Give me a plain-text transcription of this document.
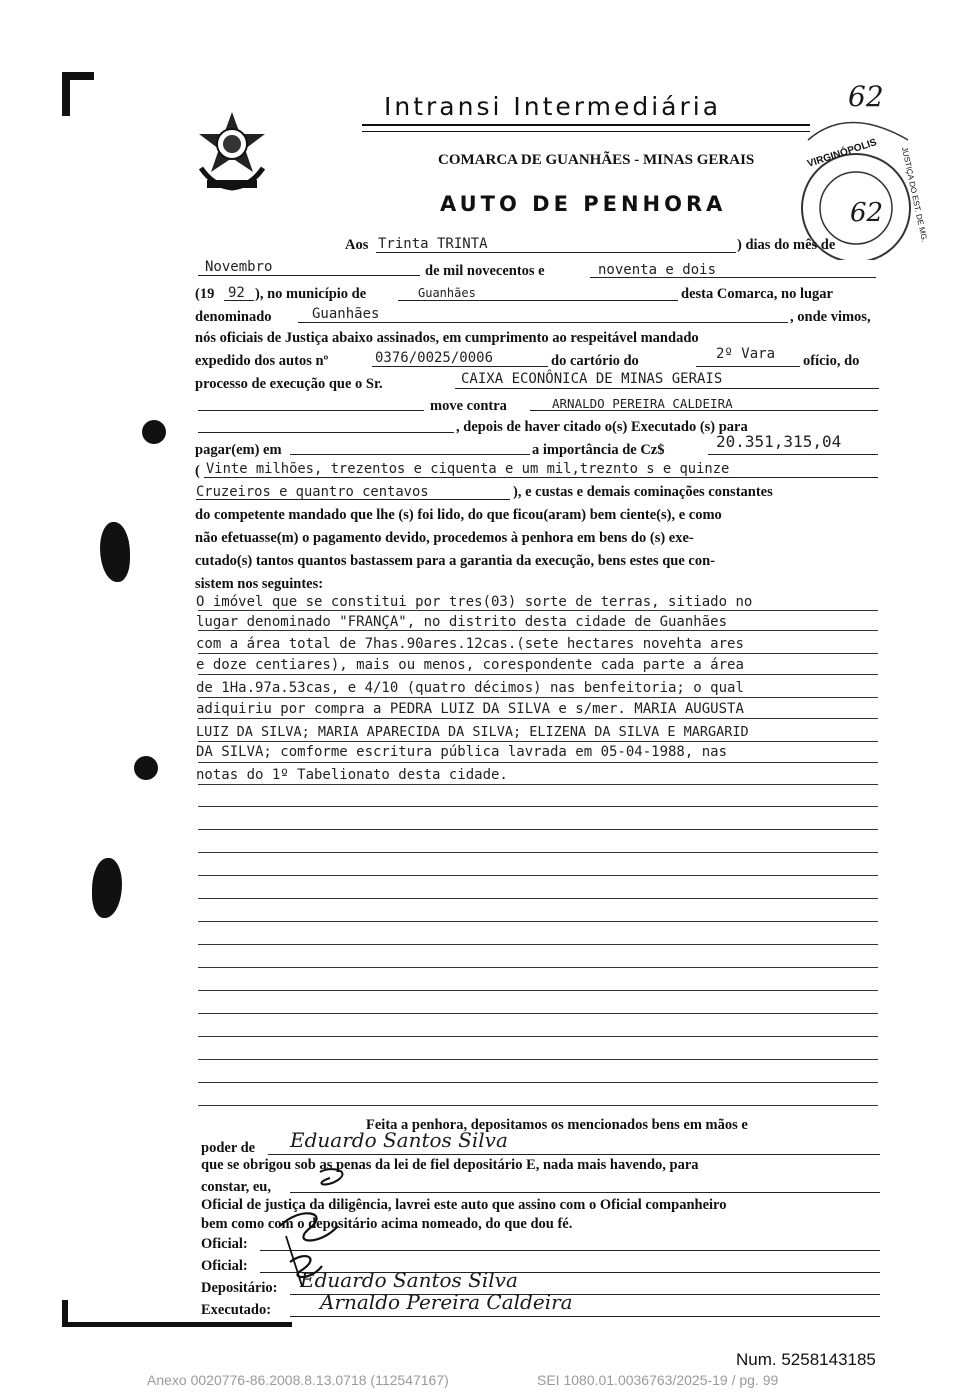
Intransi Intermediária	62
COMARCA DE GUANHÃES - MINAS GERAIS
AUTO DE PENHORA
VIRGINÓPOLIS	JUSTIÇA DO EST. DE MG.
62
Aos Trinta TRINTA	) dias do mês de
Novembro	de mil novecentos e	noventa e dois
(19 92 ), no município de	Guanhães	desta Comarca, no lugar
denominado	Guanhães	, onde vimos,
nós oficiais de Justiça abaixo assinados, em cumprimento ao respeitável mandado
expedido dos autos nº	0376/0025/0006	do cartório do	2º Vara ofício, do
processo de execução que o Sr.	CAIXA ECONÔNICA DE MINAS GERAIS
move contra	ARNALDO PEREIRA CALDEIRA
, depois de haver citado o(s) Executado (s) para
pagar(em) em	a importância de Cz$	20.351,315,04
( Vinte milhões, trezentos e ciquenta e um mil,treznto s e quinze
Cruzeiros e quantro centavos	), e custas e demais cominações constantes
do competente mandado que lhe (s) foi lido, do que ficou(aram) bem ciente(s), e como
não efetuasse(m) o pagamento devido, procedemos à penhora em bens do (s) exe-
cutado(s) tantos quantos bastassem para a garantia da execução, bens estes que con-
sistem nos seguintes:
O imóvel que se constitui por tres(03) sorte de terras, sitiado no
lugar denominado "FRANÇA", no distrito desta cidade de Guanhães
com a área total de 7has.90ares.12cas.(sete hectares novehta ares
e doze centiares), mais ou menos, corespondente cada parte a área
de 1Ha.97a.53cas, e 4/10 (quatro décimos) nas benfeitoria; o qual
adiquiriu por compra a PEDRA LUIZ DA SILVA e s/mer. MARIA AUGUSTA
LUIZ DA SILVA; MARIA APARECIDA DA SILVA; ELIZENA DA SILVA E MARGARID
DA SILVA; comforme escritura pública lavrada em 05-04-1988, nas
notas do 1º Tabelionato desta cidade.
Feita a penhora, depositamos os mencionados bens em mãos e
poder de Eduardo Santos Silva
que se obrigou sob as penas da lei de fiel depositário E, nada mais havendo, para
constar, eu,
Oficial de justiça da diligência, lavrei este auto que assino com o Oficial companheiro
bem como com o depositário acima nomeado, do que dou fé.
Oficial:
Oficial:
Depositário: Eduardo Santos Silva
Executado: Arnaldo Pereira Caldeira
Num. 5258143185
Anexo 0020776-86.2008.8.13.0718 (112547167)	SEI 1080.01.0036763/2025-19 / pg. 99
